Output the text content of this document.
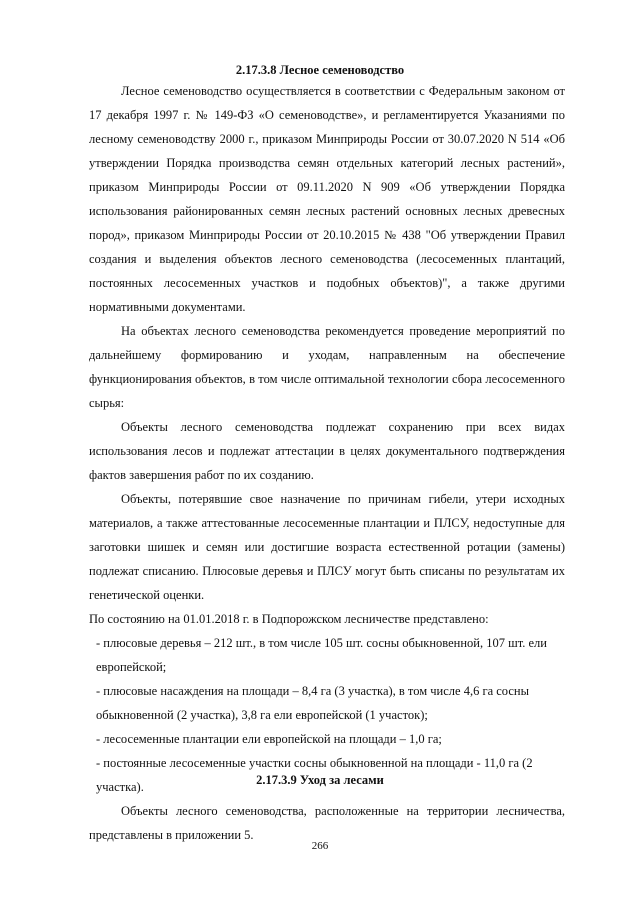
2.17.3.8 Лесное семеноводство

Лесное семеноводство осуществляется в соответствии с Федеральным законом от 17 декабря 1997 г. № 149-ФЗ «О семеноводстве», и регламентируется Указаниями по лесному семеноводству 2000 г., приказом Минприроды России от 30.07.2020 N 514 «Об утверждении Порядка производства семян отдельных категорий лесных растений», приказом Минприроды России от 09.11.2020 N 909 «Об утверждении Порядка использования районированных семян лесных растений основных лесных древесных пород», приказом Минприроды России от 20.10.2015 № 438 "Об утверждении Правил создания и выделения объектов лесного семеноводства (лесосеменных плантаций, постоянных лесосеменных участков и подобных объектов)", а также другими нормативными документами.

На объектах лесного семеноводства рекомендуется проведение мероприятий по дальнейшему формированию и уходам, направленным на обеспечение функционирования объектов, в том числе оптимальной технологии сбора лесосеменного сырья:

Объекты лесного семеноводства подлежат сохранению при всех видах использования лесов и подлежат аттестации в целях документального подтверждения фактов завершения работ по их созданию.

Объекты, потерявшие свое назначение по причинам гибели, утери исходных материалов, а также аттестованные лесосеменные плантации и ПЛСУ, недоступные для заготовки шишек и семян или достигшие возраста естественной ротации (замены) подлежат списанию. Плюсовые деревья и ПЛСУ могут быть списаны по результатам их генетической оценки.

По состоянию на 01.01.2018 г. в Подпорожском лесничестве представлено:

- плюсовые деревья – 212 шт., в том числе 105 шт. сосны обыкновенной, 107 шт. ели европейской;

- плюсовые насаждения на площади – 8,4 га (3 участка), в том числе 4,6 га сосны обыкновенной (2 участка), 3,8 га ели европейской (1 участок);

- лесосеменные плантации ели европейской на площади – 1,0 га;

- постоянные лесосеменные участки сосны обыкновенной на площади - 11,0 га (2 участка).

Объекты лесного семеноводства, расположенные на территории лесничества, представлены в приложении 5.

2.17.3.9 Уход за лесами
266
